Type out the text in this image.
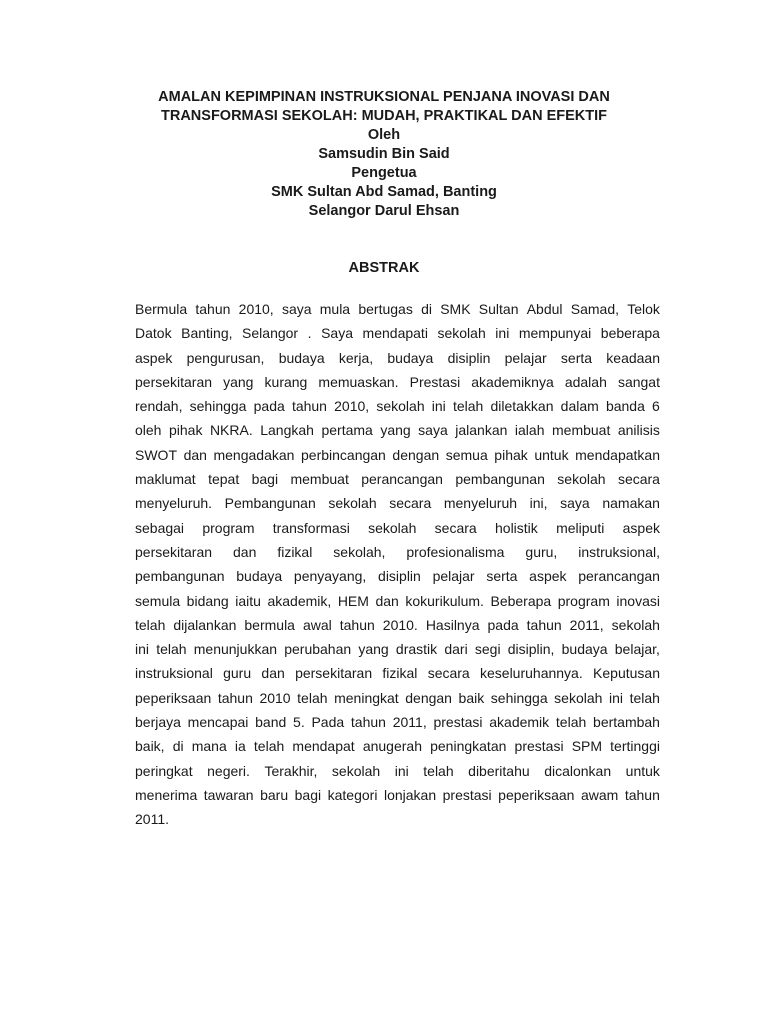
AMALAN KEPIMPINAN INSTRUKSIONAL PENJANA INOVASI DAN
TRANSFORMASI SEKOLAH: MUDAH, PRAKTIKAL DAN EFEKTIF
Oleh
Samsudin Bin Said
Pengetua
SMK Sultan Abd Samad, Banting
Selangor Darul Ehsan
ABSTRAK
Bermula tahun 2010, saya mula bertugas di SMK Sultan Abdul Samad, Telok
Datok Banting, Selangor . Saya mendapati sekolah ini mempunyai beberapa
aspek pengurusan, budaya kerja, budaya disiplin pelajar serta keadaan
persekitaran yang kurang memuaskan. Prestasi akademiknya adalah sangat
rendah, sehingga pada tahun 2010, sekolah ini telah diletakkan dalam banda 6
oleh pihak NKRA. Langkah pertama yang saya jalankan ialah membuat anilisis
SWOT dan mengadakan perbincangan dengan semua pihak untuk mendapatkan
maklumat tepat bagi membuat perancangan pembangunan sekolah secara
menyeluruh. Pembangunan sekolah secara menyeluruh ini, saya namakan
sebagai program transformasi sekolah secara holistik meliputi aspek
persekitaran dan fizikal sekolah, profesionalisma guru, instruksional,
pembangunan budaya penyayang, disiplin pelajar serta aspek perancangan
semula bidang iaitu akademik, HEM dan kokurikulum. Beberapa program inovasi
telah dijalankan bermula awal tahun 2010. Hasilnya pada tahun 2011, sekolah
ini telah menunjukkan perubahan yang drastik dari segi disiplin, budaya belajar,
instruksional guru dan persekitaran fizikal secara keseluruhannya. Keputusan
peperiksaan tahun 2010 telah meningkat dengan baik sehingga sekolah ini telah
berjaya mencapai band 5. Pada tahun 2011, prestasi akademik telah bertambah
baik, di mana ia telah mendapat anugerah peningkatan prestasi SPM tertinggi
peringkat negeri. Terakhir, sekolah ini telah diberitahu dicalonkan untuk
menerima tawaran baru bagi kategori lonjakan prestasi peperiksaan awam tahun
2011.
